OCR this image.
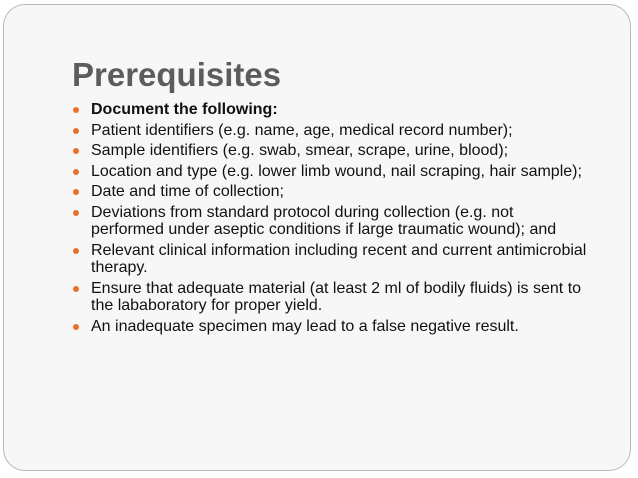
Prerequisites
Document the following:
Patient identifiers (e.g. name, age, medical record number);
Sample identifiers (e.g. swab, smear, scrape, urine, blood);
Location and type (e.g. lower limb wound, nail scraping, hair sample);
Date and time of collection;
Deviations from standard protocol during collection (e.g. not performed under aseptic conditions if large traumatic wound); and
Relevant clinical information including recent and current antimicrobial therapy.
Ensure that adequate material (at least 2 ml of bodily fluids) is sent to the lababoratory for proper yield.
An inadequate specimen may lead to a false negative result.
